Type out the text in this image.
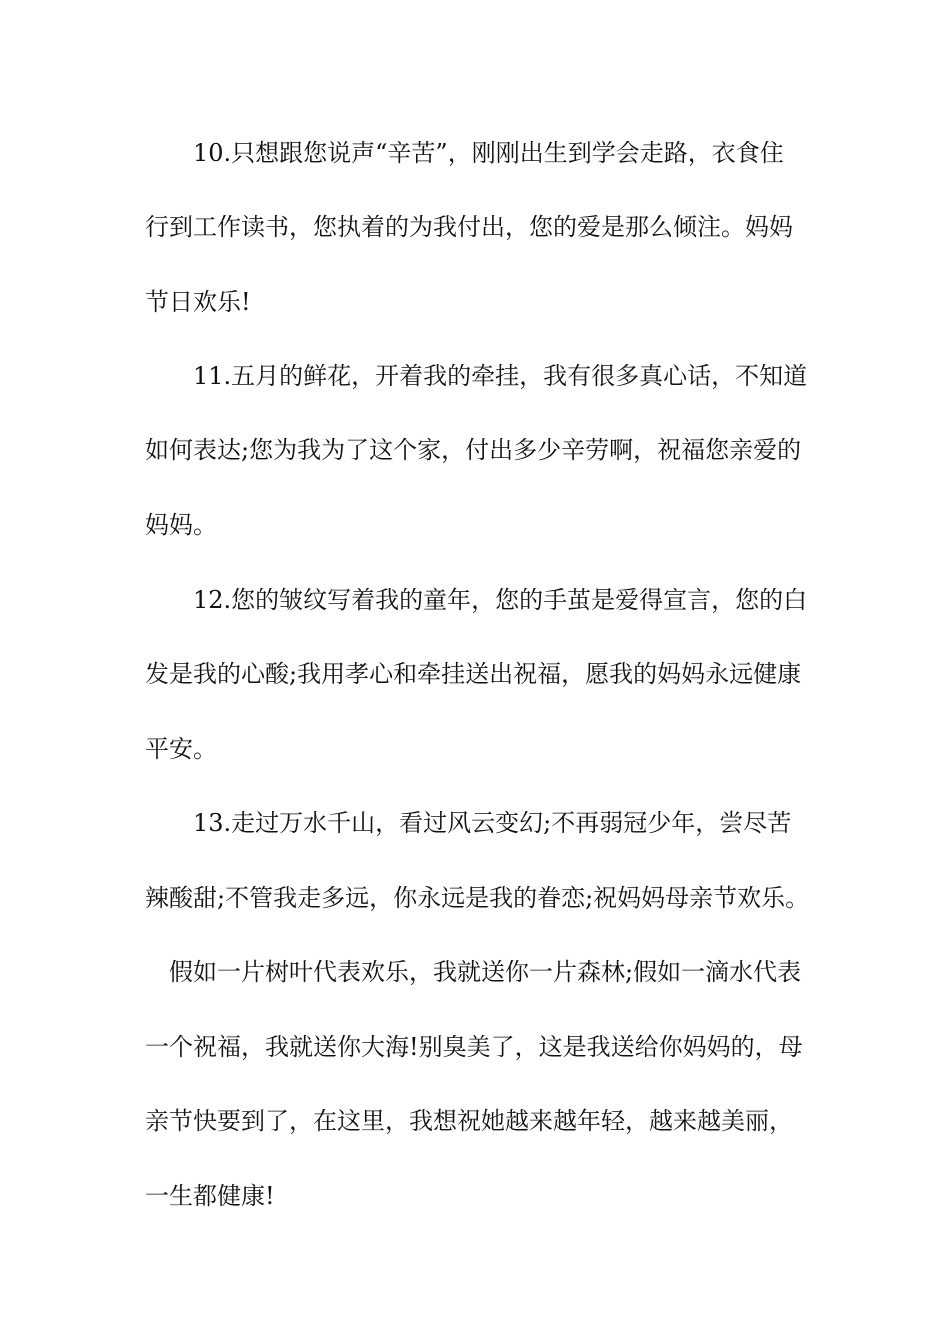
10.只想跟您说声“辛苦”，刚刚出生到学会走路，衣食住
行到工作读书，您执着的为我付出，您的爱是那么倾注。妈妈
节日欢乐!
11.五月的鲜花，开着我的牵挂，我有很多真心话，不知道
如何表达;您为我为了这个家，付出多少辛劳啊，祝福您亲爱的
妈妈。
12.您的皱纹写着我的童年，您的手茧是爱得宣言，您的白
发是我的心酸;我用孝心和牵挂送出祝福，愿我的妈妈永远健康
平安。
13.走过万水千山，看过风云变幻;不再弱冠少年，尝尽苦
辣酸甜;不管我走多远，你永远是我的眷恋;祝妈妈母亲节欢乐。
假如一片树叶代表欢乐，我就送你一片森林;假如一滴水代表
一个祝福，我就送你大海!别臭美了，这是我送给你妈妈的，母
亲节快要到了，在这里，我想祝她越来越年轻，越来越美丽，
一生都健康!
